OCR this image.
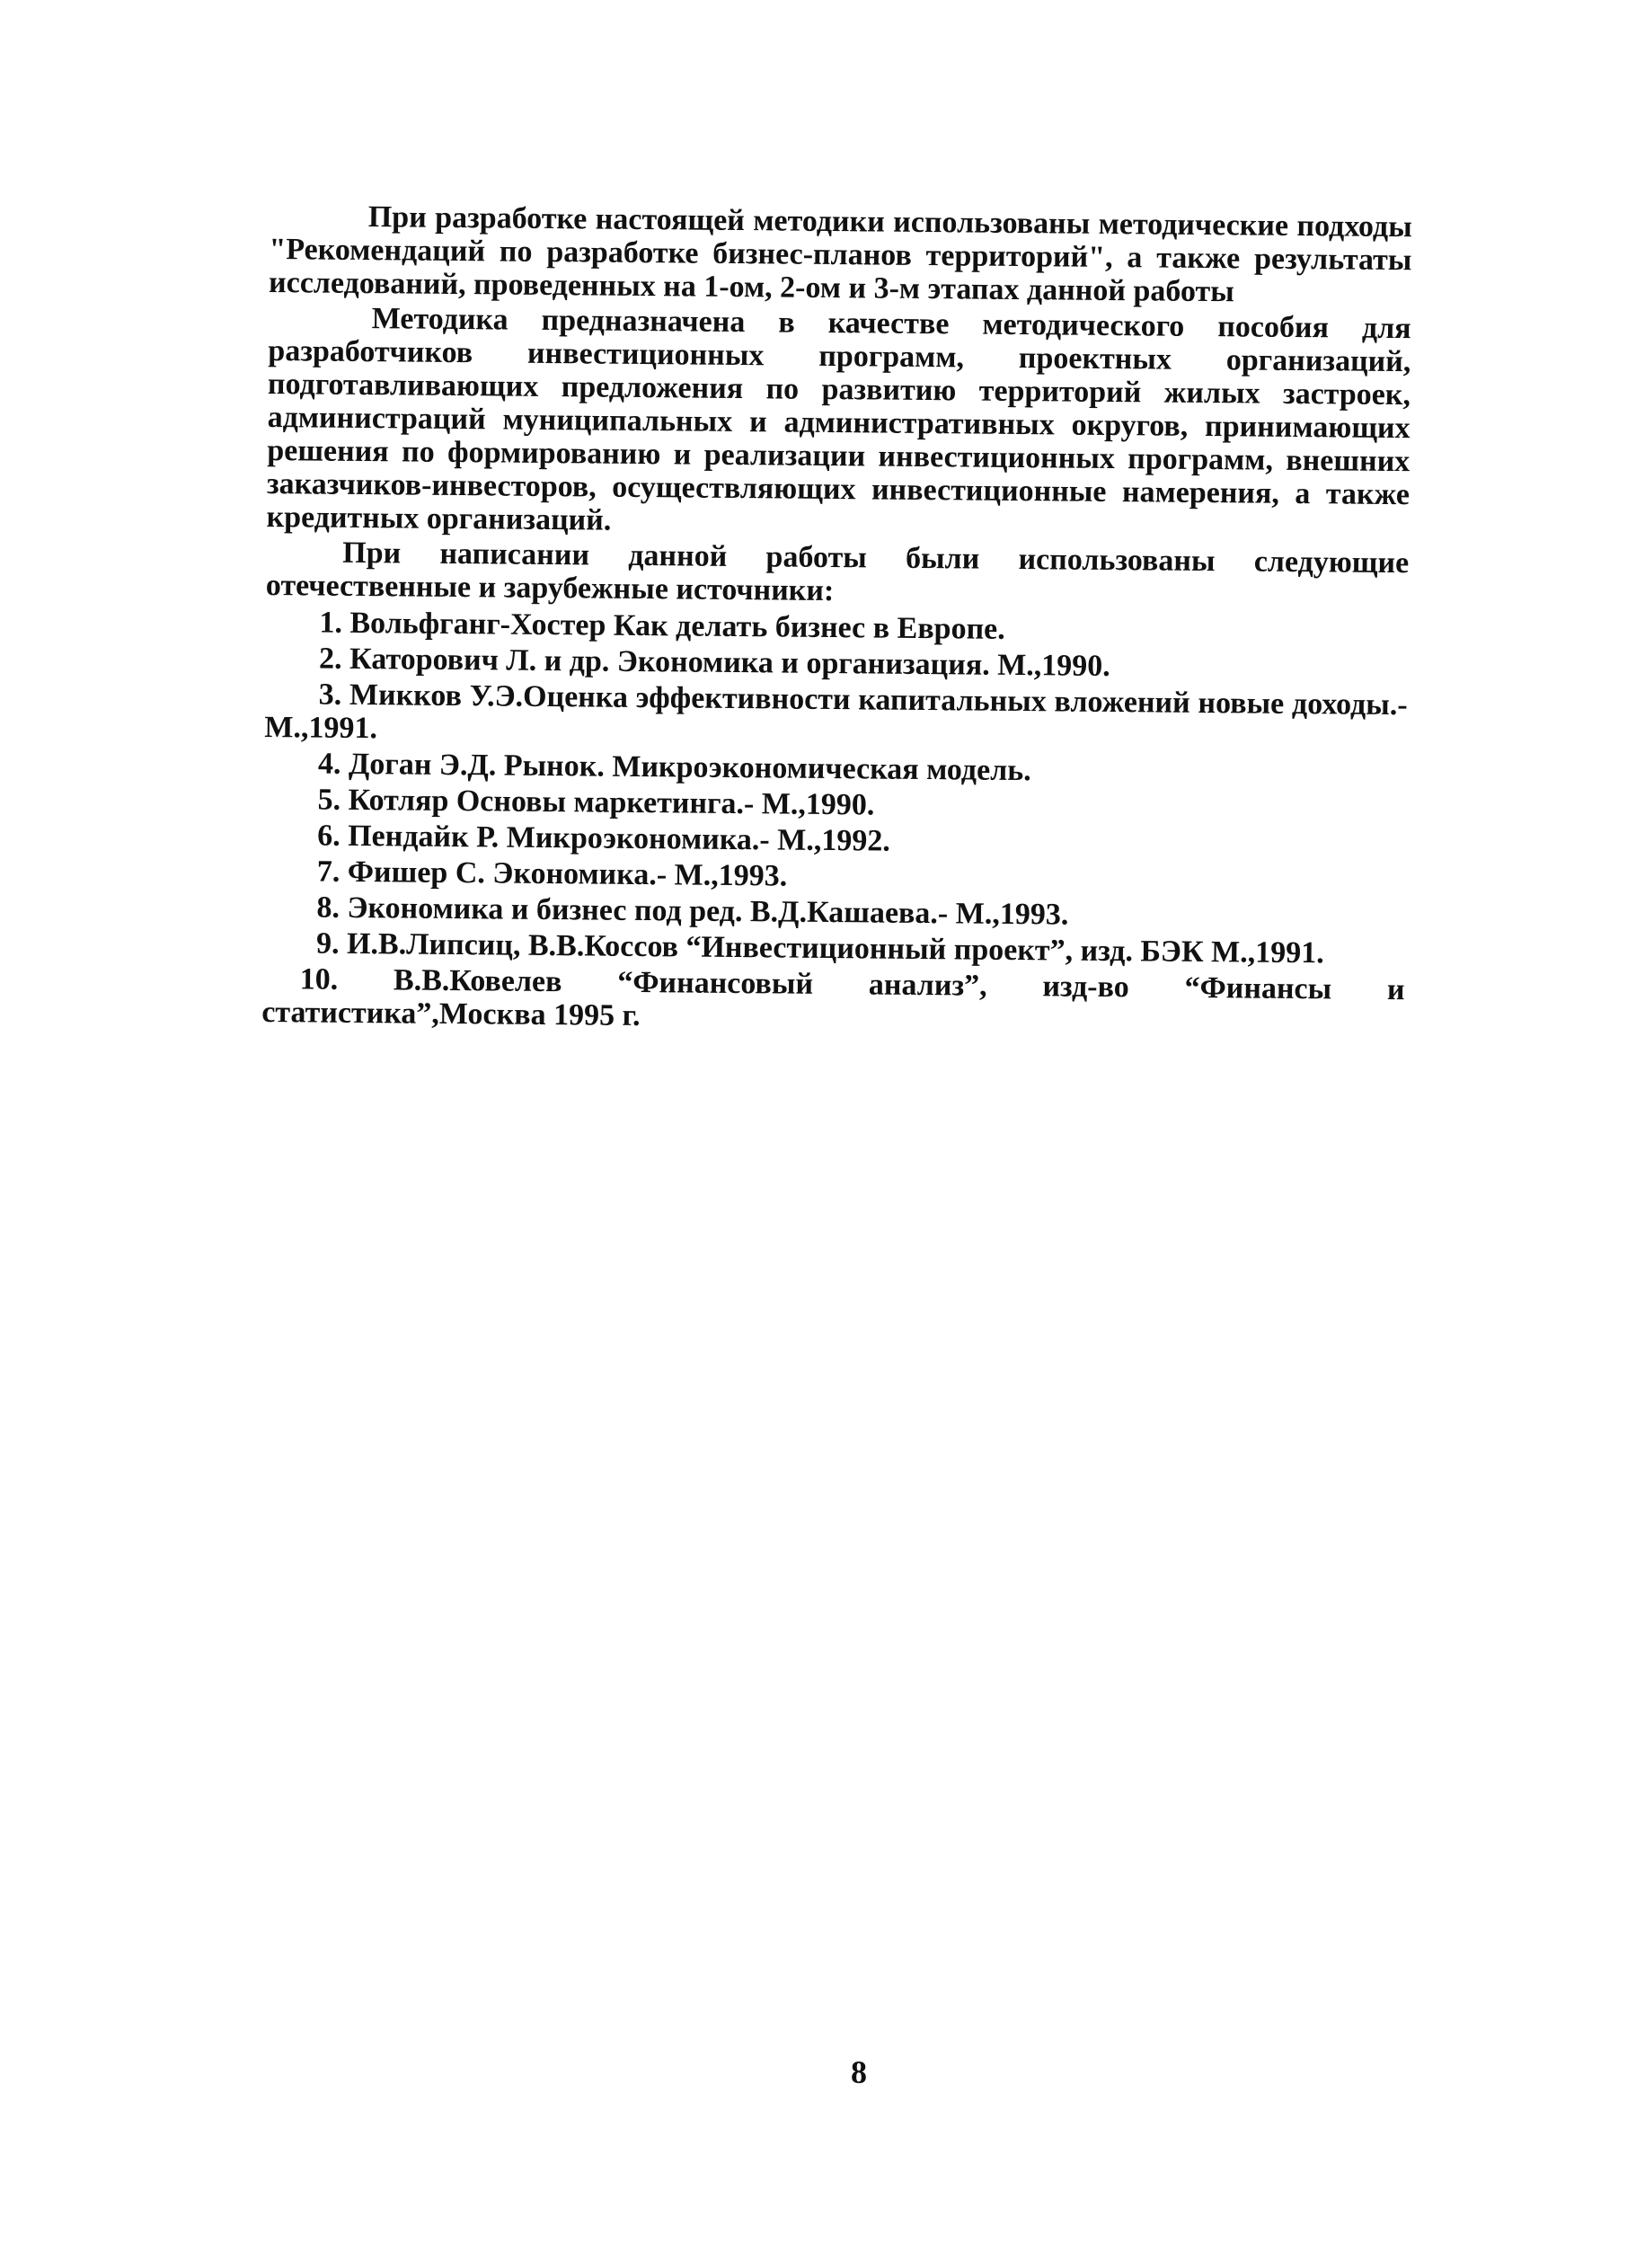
При разработке настоящей методики использованы методические подходы "Рекомендаций по разработке бизнес-планов территорий", а также результаты исследований, проведенных на 1-ом, 2-ом и 3-м этапах данной работы

Методика предназначена в качестве методического пособия для разработчиков инвестиционных программ, проектных организаций, подготавливающих предложения по развитию территорий жилых застроек, администраций муниципальных и административных округов, принимающих решения по формированию и реализации инвестиционных программ, внешних заказчиков-инвесторов, осуществляющих инвестиционные намерения, а также кредитных организаций.

При написании данной работы были использованы следующие отечественные и зарубежные источники:

1. Вольфганг-Хостер Как делать бизнес в Европе.
2. Каторович Л. и др. Экономика и организация. М.,1990.
3. Микков У.Э.Оценка эффективности капитальных вложений новые доходы.- М.,1991.
4. Доган Э.Д. Рынок. Микроэкономическая модель.
5. Котляр Основы маркетинга.- М.,1990.
6. Пендайк Р. Микроэкономика.- М.,1992.
7. Фишер С. Экономика.- М.,1993.
8. Экономика и бизнес под ред. В.Д.Кашаева.- М.,1993.
9. И.В.Липсиц, В.В.Коссов “Инвестиционный проект”, изд. БЭК М.,1991.
10. В.В.Ковелев “Финансовый анализ”, изд-во “Финансы и статистика”,Москва 1995 г.
8
